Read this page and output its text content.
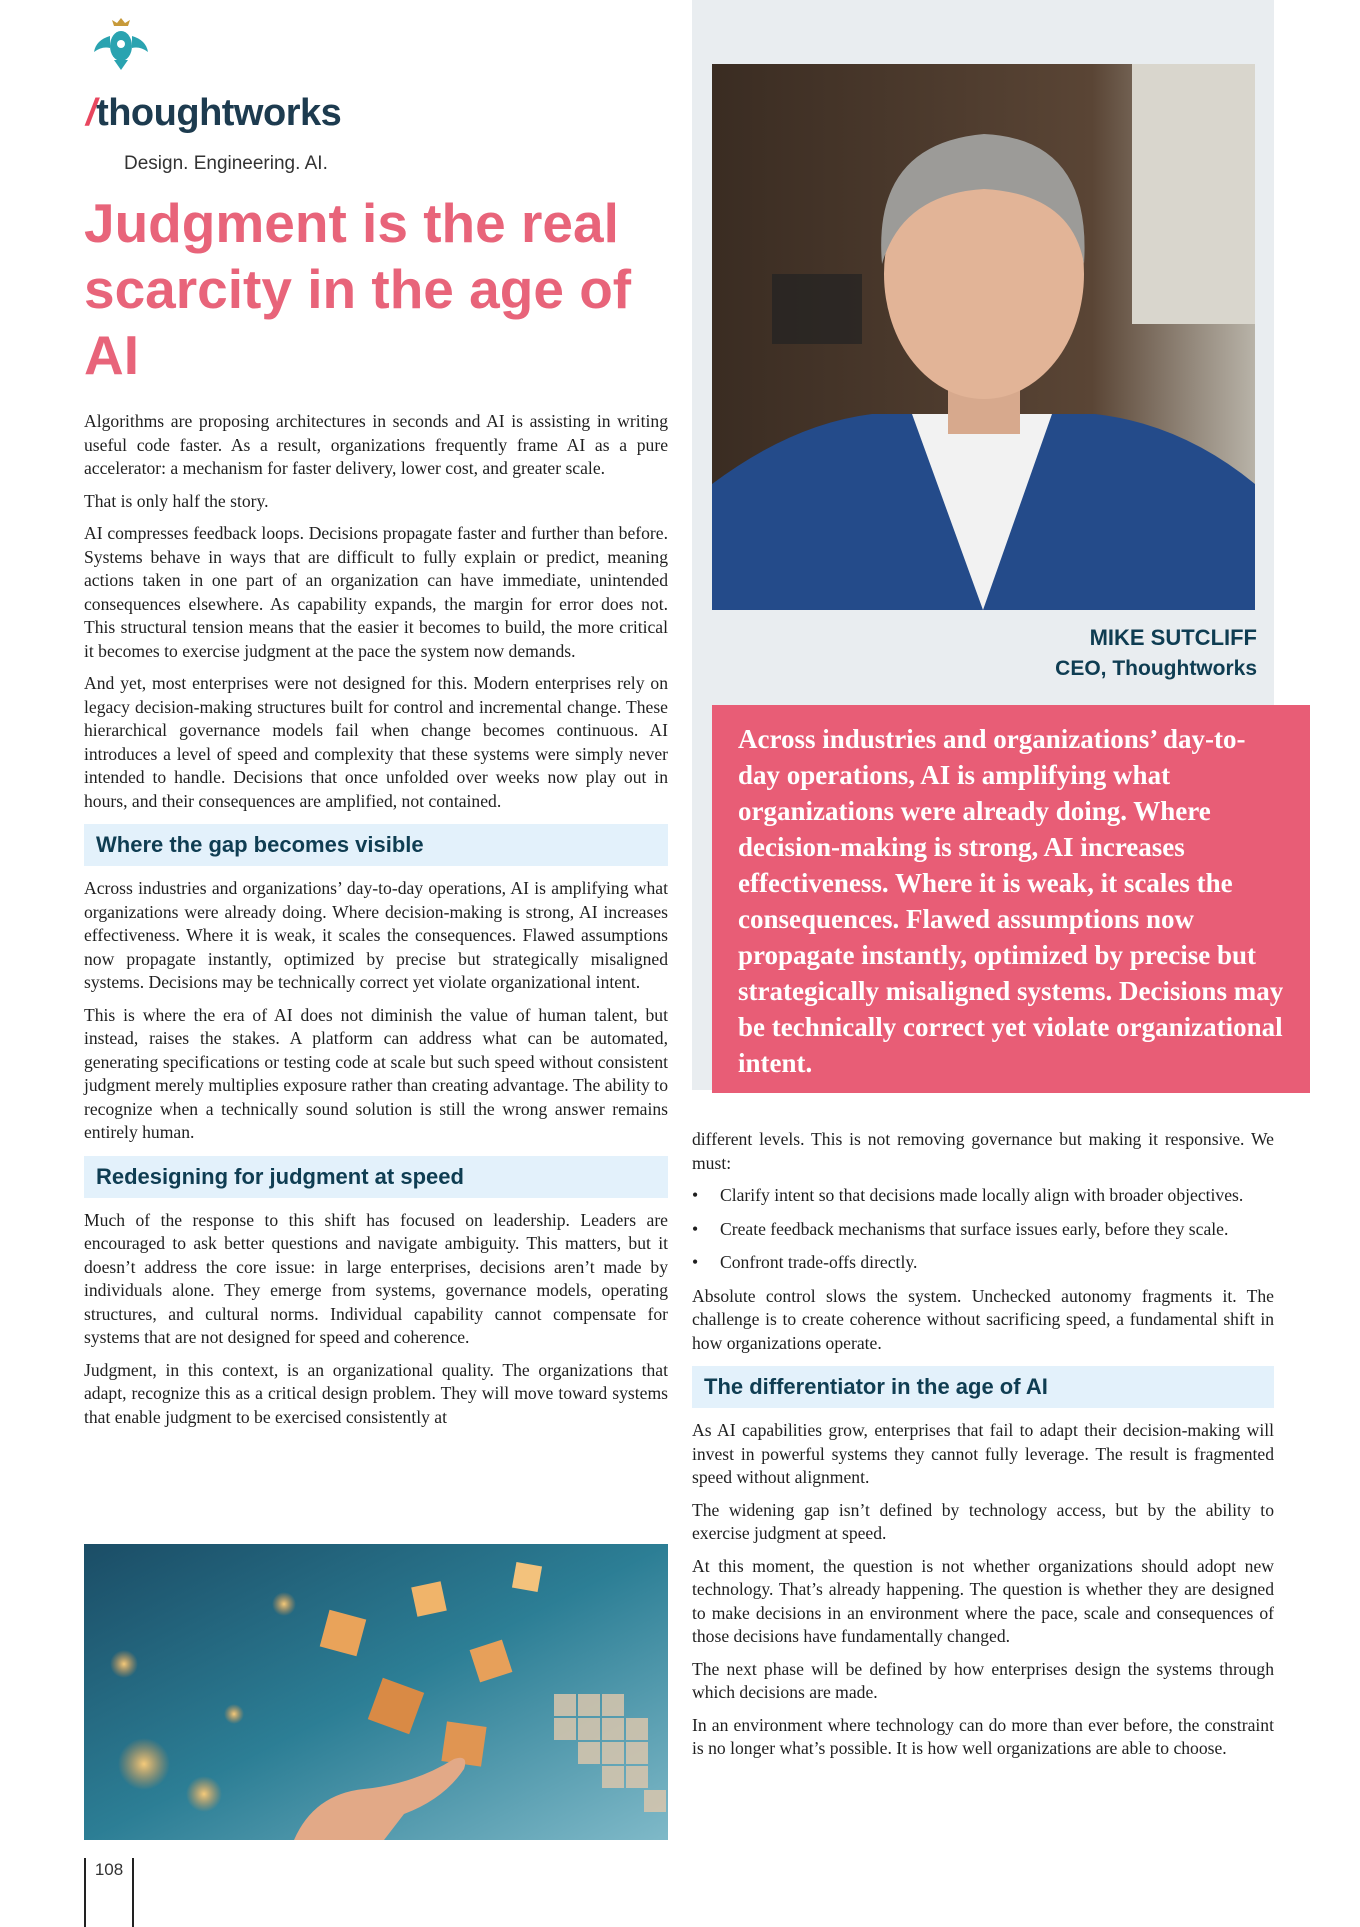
/thoughtworks
Design. Engineering. AI.
Judgment is the real scarcity in the age of AI

Algorithms are proposing architectures in seconds and AI is assisting in writing useful code faster. As a result, organizations frequently frame AI as a pure accelerator: a mechanism for faster delivery, lower cost, and greater scale.

That is only half the story.

AI compresses feedback loops. Decisions propagate faster and further than before. Systems behave in ways that are difficult to fully explain or predict, meaning actions taken in one part of an organization can have immediate, unintended consequences elsewhere. As capability expands, the margin for error does not. This structural tension means that the easier it becomes to build, the more critical it becomes to exercise judgment at the pace the system now demands.

And yet, most enterprises were not designed for this. Modern enterprises rely on legacy decision-making structures built for control and incremental change. These hierarchical governance models fail when change becomes continuous. AI introduces a level of speed and complexity that these systems were simply never intended to handle. Decisions that once unfolded over weeks now play out in hours, and their consequences are amplified, not contained.

Where the gap becomes visible

Across industries and organizations’ day-to-day operations, AI is amplifying what organizations were already doing. Where decision-making is strong, AI increases effectiveness. Where it is weak, it scales the consequences. Flawed assumptions now propagate instantly, optimized by precise but strategically misaligned systems. Decisions may be technically correct yet violate organizational intent.

This is where the era of AI does not diminish the value of human talent, but instead, raises the stakes. A platform can address what can be automated, generating specifications or testing code at scale but such speed without consistent judgment merely multiplies exposure rather than creating advantage. The ability to recognize when a technically sound solution is still the wrong answer remains entirely human.

Redesigning for judgment at speed

Much of the response to this shift has focused on leadership. Leaders are encouraged to ask better questions and navigate ambiguity. This matters, but it doesn’t address the core issue: in large enterprises, decisions aren’t made by individuals alone. They emerge from systems, governance models, operating structures, and cultural norms. Individual capability cannot compensate for systems that are not designed for speed and coherence.

Judgment, in this context, is an organizational quality. The organizations that adapt, recognize this as a critical design problem. They will move toward systems that enable judgment to be exercised consistently at

MIKE SUTCLIFF
CEO, Thoughtworks
Across industries and organizations’ day-to-day operations, AI is amplifying what organizations were already doing. Where decision-making is strong, AI increases effectiveness. Where it is weak, it scales the consequences. Flawed assumptions now propagate instantly, optimized by precise but strategically misaligned systems. Decisions may be technically correct yet violate organizational intent.

different levels. This is not removing governance but making it responsive. We must:

• Clarify intent so that decisions made locally align with broader objectives.
• Create feedback mechanisms that surface issues early, before they scale.
• Confront trade-offs directly.

Absolute control slows the system. Unchecked autonomy fragments it. The challenge is to create coherence without sacrificing speed, a fundamental shift in how organizations operate.

The differentiator in the age of AI

As AI capabilities grow, enterprises that fail to adapt their decision-making will invest in powerful systems they cannot fully leverage. The result is fragmented speed without alignment.

The widening gap isn’t defined by technology access, but by the ability to exercise judgment at speed.

At this moment, the question is not whether organizations should adopt new technology. That’s already happening. The question is whether they are designed to make decisions in an environment where the pace, scale and consequences of those decisions have fundamentally changed.

The next phase will be defined by how enterprises design the systems through which decisions are made.

In an environment where technology can do more than ever before, the constraint is no longer what’s possible. It is how well organizations are able to choose.

108
